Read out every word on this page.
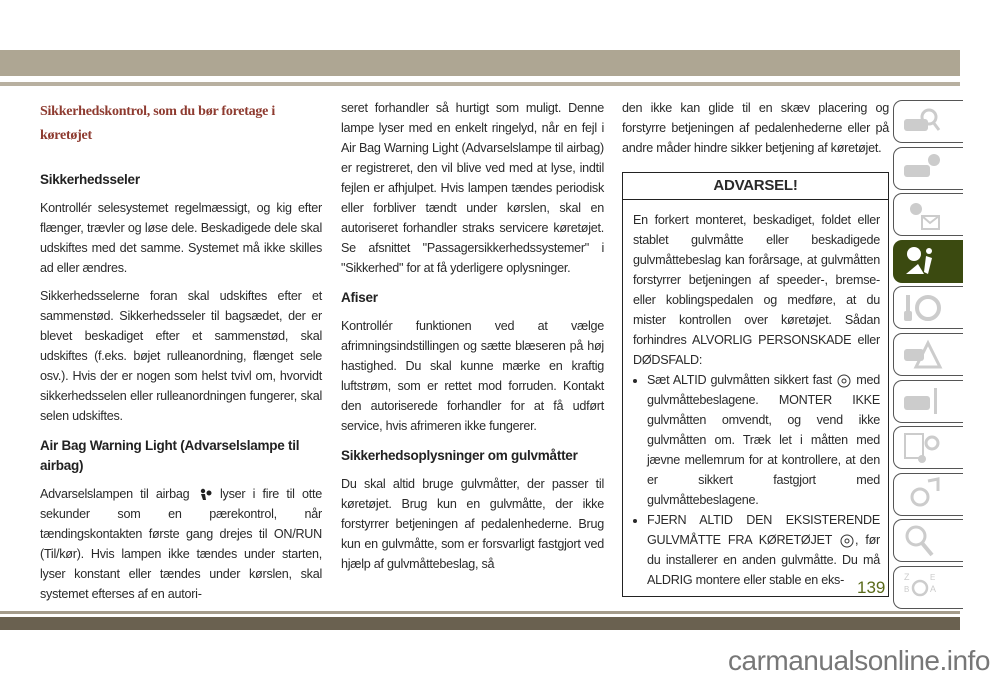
Sikkerhedskontrol, som du bør foretage i køretøjet
Sikkerhedsseler

Kontrollér selesystemet regelmæssigt, og kig efter flænger, trævler og løse dele. Beskadigede dele skal udskiftes med det samme. Systemet må ikke skilles ad eller ændres.

Sikkerhedsselerne foran skal udskiftes efter et sammenstød. Sikkerhedsseler til bagsædet, der er blevet beskadiget efter et sammenstød, skal udskiftes (f.eks. bøjet rulleanordning, flænget sele osv.). Hvis der er nogen som helst tvivl om, hvorvidt sikkerhedsselen eller rulleanordningen fungerer, skal selen udskiftes.

Air Bag Warning Light (Advarselslampe til airbag)

Advarselslampen til airbag lyser i fire til otte sekunder som en pærekontrol, når tændingskontakten første gang drejes til ON/RUN (Til/kør). Hvis lampen ikke tændes under starten, lyser konstant eller tændes under kørslen, skal systemet efterses af en autori-

seret forhandler så hurtigt som muligt. Denne lampe lyser med en enkelt ringelyd, når en fejl i Air Bag Warning Light (Advarselslampe til airbag) er registreret, den vil blive ved med at lyse, indtil fejlen er afhjulpet. Hvis lampen tændes periodisk eller forbliver tændt under kørslen, skal en autoriseret forhandler straks servicere køretøjet. Se afsnittet "Passagersikkerhedssystemer" i "Sikkerhed" for at få yderligere oplysninger.

Afiser

Kontrollér funktionen ved at vælge afrimningsindstillingen og sætte blæseren på høj hastighed. Du skal kunne mærke en kraftig luftstrøm, som er rettet mod forruden. Kontakt den autoriserede forhandler for at få udført service, hvis afrimeren ikke fungerer.

Sikkerhedsoplysninger om gulvmåtter

Du skal altid bruge gulvmåtter, der passer til køretøjet. Brug kun en gulvmåtte, der ikke forstyrrer betjeningen af pedalenhederne. Brug kun en gulvmåtte, som er forsvarligt fastgjort ved hjælp af gulvmåttebeslag, så

den ikke kan glide til en skæv placering og forstyrre betjeningen af pedalenhederne eller på andre måder hindre sikker betjening af køretøjet.

ADVARSEL!

En forkert monteret, beskadiget, foldet eller stablet gulvmåtte eller beskadigede gulvmåttebeslag kan forårsage, at gulvmåtten forstyrrer betjeningen af speeder-, bremse- eller koblingspedalen og medføre, at du mister kontrollen over køretøjet. Sådan forhindres ALVORLIG PERSONSKADE eller DØDSFALD:

• Sæt ALTID gulvmåtten sikkert fast med gulvmåttebeslagene. MONTER IKKE gulvmåtten omvendt, og vend ikke gulvmåtten om. Træk let i måtten med jævne mellemrum for at kontrollere, at den er sikkert fastgjort med gulvmåttebeslagene.
• FJERN ALTID DEN EKSISTERENDE GULVMÅTTE FRA KØRETØJET , før du installerer en anden gulvmåtte. Du må ALDRIG montere eller stable en eks-	Z
B
E
A
139
carmanualsonline.info
